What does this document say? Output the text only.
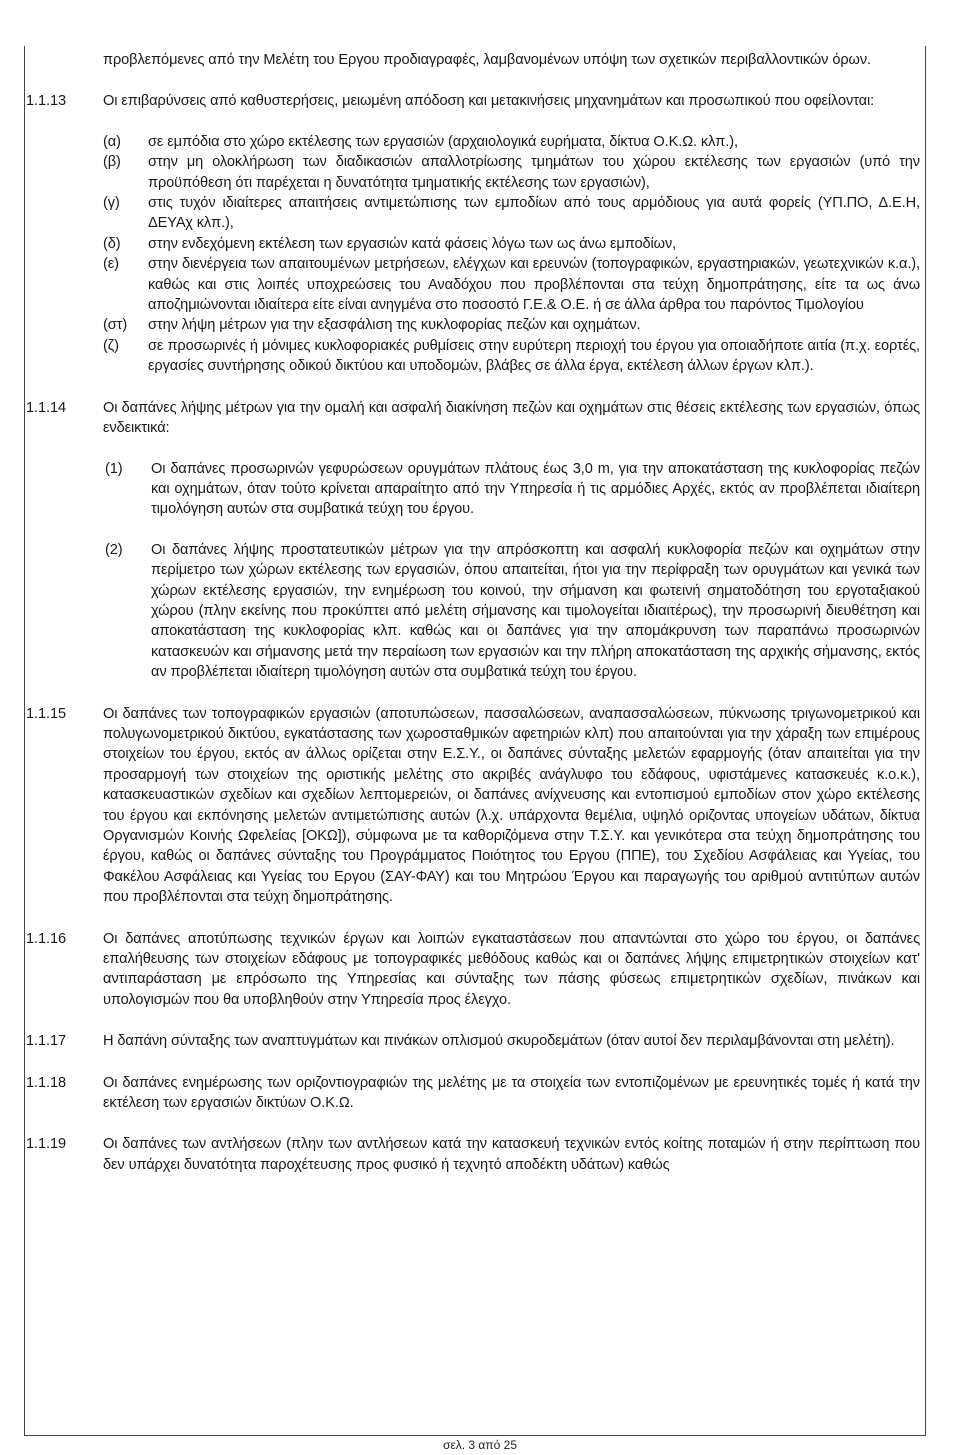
προβλεπόμενες από την Μελέτη του Εργου προδιαγραφές, λαμβανομένων υπόψη των σχετικών περιβαλλοντικών όρων.

1.1.13	Οι επιβαρύνσεις από καθυστερήσεις, μειωμένη απόδοση και μετακινήσεις μηχανημάτων και προσωπικού που οφείλονται:

(α) σε εμπόδια στο χώρο εκτέλεσης των εργασιών (αρχαιολογικά ευρήματα, δίκτυα Ο.Κ.Ω. κλπ.),

(β) στην μη ολοκλήρωση των διαδικασιών απαλλοτρίωσης τμημάτων του χώρου εκτέλεσης των εργασιών (υπό την προϋπόθεση ότι παρέχεται η δυνατότητα τμηματικής εκτέλεσης των εργασιών),

(γ) στις τυχόν ιδιαίτερες απαιτήσεις αντιμετώπισης των εμποδίων από τους αρμόδιους για αυτά φορείς (ΥΠ.ΠΟ, Δ.Ε.Η, ΔΕΥΑχ κλπ.),

(δ) στην ενδεχόμενη εκτέλεση των εργασιών κατά φάσεις λόγω των ως άνω εμποδίων,

(ε) στην διενέργεια των απαιτουμένων μετρήσεων, ελέγχων και ερευνών (τοπογραφικών, εργαστηριακών, γεωτεχνικών κ.α.), καθώς και στις λοιπές υποχρεώσεις του Αναδόχου που προβλέπονται στα τεύχη δημοπράτησης, είτε τα ως άνω αποζημιώνονται ιδιαίτερα είτε είναι ανηγμένα στο ποσοστό Γ.Ε.& Ο.Ε. ή σε άλλα άρθρα του παρόντος Τιμολογίου

(στ) στην λήψη μέτρων για την εξασφάλιση της κυκλοφορίας πεζών και οχημάτων.

(ζ) σε προσωρινές ή μόνιμες κυκλοφοριακές ρυθμίσεις στην ευρύτερη περιοχή του έργου για οποιαδήποτε αιτία (π.χ. εορτές, εργασίες συντήρησης οδικού δικτύου και υποδομών, βλάβες σε άλλα έργα, εκτέλεση άλλων έργων κλπ.).

1.1.14	Οι δαπάνες λήψης μέτρων για την ομαλή και ασφαλή διακίνηση πεζών και οχημάτων στις θέσεις εκτέλεσης των εργασιών, όπως ενδεικτικά:

(1) Οι δαπάνες προσωρινών γεφυρώσεων ορυγμάτων πλάτους έως 3,0 m, για την αποκατάσταση της κυκλοφορίας πεζών και οχημάτων, όταν τούτο κρίνεται απαραίτητο από την Υπηρεσία ή τις αρμόδιες Αρχές, εκτός αν προβλέπεται ιδιαίτερη τιμολόγηση αυτών στα συμβατικά τεύχη του έργου.

(2) Οι δαπάνες λήψης προστατευτικών μέτρων για την απρόσκοπτη και ασφαλή κυκλοφορία πεζών και οχημάτων στην περίμετρο των χώρων εκτέλεσης των εργασιών, όπου απαιτείται, ήτοι για την περίφραξη των ορυγμάτων και γενικά των χώρων εκτέλεσης εργασιών, την ενημέρωση του κοινού, την σήμανση και φωτεινή σηματοδότηση του εργοταξιακού χώρου (πλην εκείνης που προκύπτει από μελέτη σήμανσης και τιμολογείται ιδιαιτέρως), την προσωρινή διευθέτηση και αποκατάσταση της κυκλοφορίας κλπ. καθώς και οι δαπάνες για την απομάκρυνση των παραπάνω προσωρινών κατασκευών και σήμανσης μετά την περαίωση των εργασιών και την πλήρη αποκατάσταση της αρχικής σήμανσης, εκτός αν προβλέπεται ιδιαίτερη τιμολόγηση αυτών στα συμβατικά τεύχη του έργου.

1.1.15	Οι δαπάνες των τοπογραφικών εργασιών (αποτυπώσεων, πασσαλώσεων, αναπασσαλώσεων, πύκνωσης τριγωνομετρικού και πολυγωνομετρικού δικτύου, εγκατάστασης των χωροσταθμικών αφετηριών κλπ) που απαιτούνται για την χάραξη των επιμέρους στοιχείων του έργου, εκτός αν άλλως ορίζεται στην Ε.Σ.Υ., οι δαπάνες σύνταξης μελετών εφαρμογής (όταν απαιτείται για την προσαρμογή των στοιχείων της οριστικής μελέτης στο ακριβές ανάγλυφο του εδάφους, υφιστάμενες κατασκευές κ.ο.κ.), κατασκευαστικών σχεδίων και σχεδίων λεπτομερειών, οι δαπάνες ανίχνευσης και εντοπισμού εμποδίων στον χώρο εκτέλεσης του έργου και εκπόνησης μελετών αντιμετώπισης αυτών (λ.χ. υπάρχοντα θεμέλια, υψηλό οριζοντας υπογείων υδάτων, δίκτυα Οργανισμών Κοινής Ωφελείας [ΟΚΩ]), σύμφωνα με τα καθοριζόμενα στην Τ.Σ.Υ. και γενικότερα στα τεύχη δημοπράτησης του έργου, καθώς οι δαπάνες σύνταξης του Προγράμματος Ποιότητος του Εργου (ΠΠΕ), του Σχεδίου Ασφάλειας και Υγείας, του Φακέλου Ασφάλειας και Υγείας του Εργου (ΣΑΥ-ΦΑΥ) και του Μητρώου Έργου και παραγωγής του αριθμού αντιτύπων αυτών που προβλέπονται στα τεύχη δημοπράτησης.

1.1.16	Οι δαπάνες αποτύπωσης τεχνικών έργων και λοιπών εγκαταστάσεων που απαντώνται στο χώρο του έργου, οι δαπάνες επαλήθευσης των στοιχείων εδάφους με τοπογραφικές μεθόδους καθώς και οι δαπάνες λήψης επιμετρητικών στοιχείων κατ' αντιπαράσταση με επρόσωπο της Υπηρεσίας και σύνταξης των πάσης φύσεως επιμετρητικών σχεδίων, πινάκων και υπολογισμών που θα υποβληθούν στην Υπηρεσία προς έλεγχο.

1.1.17	Η δαπάνη σύνταξης των αναπτυγμάτων και πινάκων οπλισμού σκυροδεμάτων (όταν αυτοί δεν περιλαμβάνονται στη μελέτη).

1.1.18	Οι δαπάνες ενημέρωσης των οριζοντιογραφιών της μελέτης με τα στοιχεία των εντοπιζομένων με ερευνητικές τομές ή κατά την εκτέλεση των εργασιών δικτύων Ο.Κ.Ω.

1.1.19	Οι δαπάνες των αντλήσεων (πλην των αντλήσεων κατά την κατασκευή τεχνικών εντός κοίτης ποταμών ή στην περίπτωση που δεν υπάρχει δυνατότητα παροχέτευσης προς φυσικό ή τεχνητό αποδέκτη υδάτων) καθώς

σελ. 3 από 25
